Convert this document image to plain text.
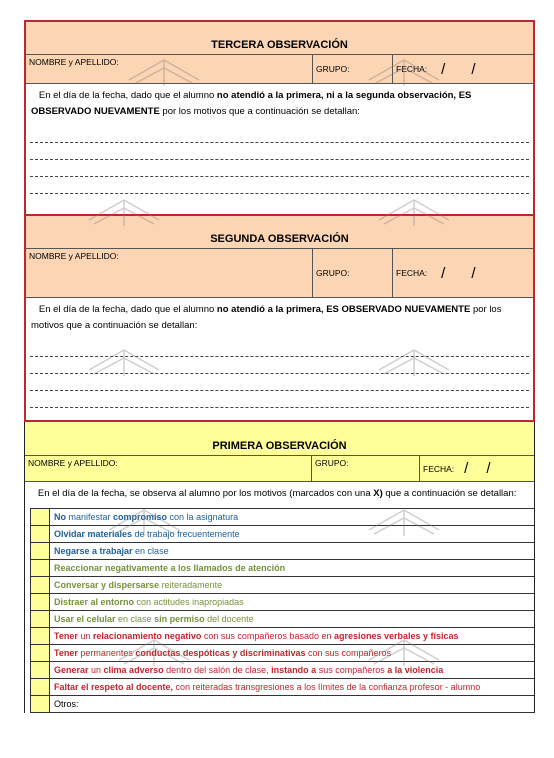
TERCERA OBSERVACIÓN
NOMBRE y APELLIDO:
GRUPO:	FECHA: / /
En el día de la fecha, dado que el alumno no atendió a la primera, ni a la segunda observación, ES OBSERVADO NUEVAMENTE por los motivos que a continuación se detallan:
SEGUNDA OBSERVACIÓN
NOMBRE y APELLIDO:
GRUPO:	FECHA: / /
En el día de la fecha, dado que el alumno no atendió a la primera, ES OBSERVADO NUEVAMENTE por los motivos que a continuación se detallan:
PRIMERA OBSERVACIÓN
NOMBRE y APELLIDO:	GRUPO:
FECHA: / /
En el día de la fecha, se observa al alumno por los motivos (marcados con una X) que a continuación se detallan:
No manifestar compromiso con la asignatura
Olvidar materiales de trabajo frecuentemente
Negarse a trabajar en clase
Reaccionar negativamente a los llamados de atención
Conversar y dispersarse reiteradamente
Distraer al entorno con actitudes inapropiadas
Usar el celular en clase sin permiso del docente
Tener un relacionamiento negativo con sus compañeros basado en agresiones verbales y físicas
Tener permanentes conductas despóticas y discriminativas con sus compañeros
Generar un clima adverso dentro del salón de clase, instando a sus compañeros a la violencia
Faltar el respeto al docente, con reiteradas transgresiones a los límites de la confianza profesor - alumno
Otros:
